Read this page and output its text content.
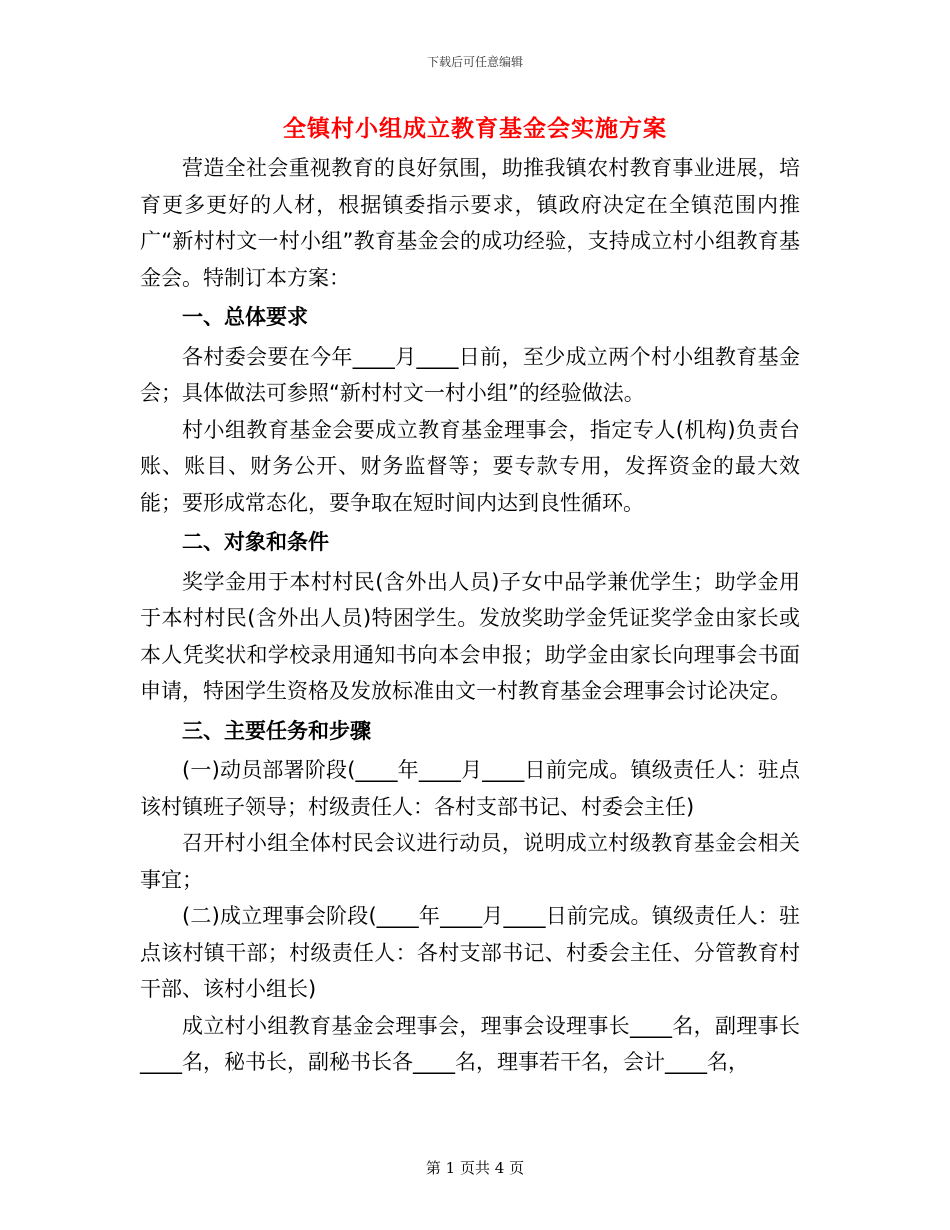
下载后可任意编辑
全镇村小组成立教育基金会实施方案

营造全社会重视教育的良好氛围，助推我镇农村教育事业进展，培育更多更好的人材，根据镇委指示要求，镇政府决定在全镇范围内推广“新村村文一村小组”教育基金会的成功经验，支持成立村小组教育基金会。特制订本方案：

一、总体要求

各村委会要在今年____月____日前，至少成立两个村小组教育基金会；具体做法可参照“新村村文一村小组”的经验做法。

村小组教育基金会要成立教育基金理事会，指定专人(机构)负责台账、账目、财务公开、财务监督等；要专款专用，发挥资金的最大效能；要形成常态化，要争取在短时间内达到良性循环。

二、对象和条件

奖学金用于本村村民(含外出人员)子女中品学兼优学生；助学金用于本村村民(含外出人员)特困学生。发放奖助学金凭证奖学金由家长或本人凭奖状和学校录用通知书向本会申报；助学金由家长向理事会书面申请，特困学生资格及发放标准由文一村教育基金会理事会讨论决定。

三、主要任务和步骤

(一)动员部署阶段(____年____月____日前完成。镇级责任人：驻点该村镇班子领导；村级责任人：各村支部书记、村委会主任)

召开村小组全体村民会议进行动员，说明成立村级教育基金会相关事宜；

(二)成立理事会阶段(____年____月____日前完成。镇级责任人：驻点该村镇干部；村级责任人：各村支部书记、村委会主任、分管教育村干部、该村小组长)

成立村小组教育基金会理事会，理事会设理事长____名，副理事长____名，秘书长，副秘书长各____名，理事若干名，会计____名，

第 1 页共 4 页
